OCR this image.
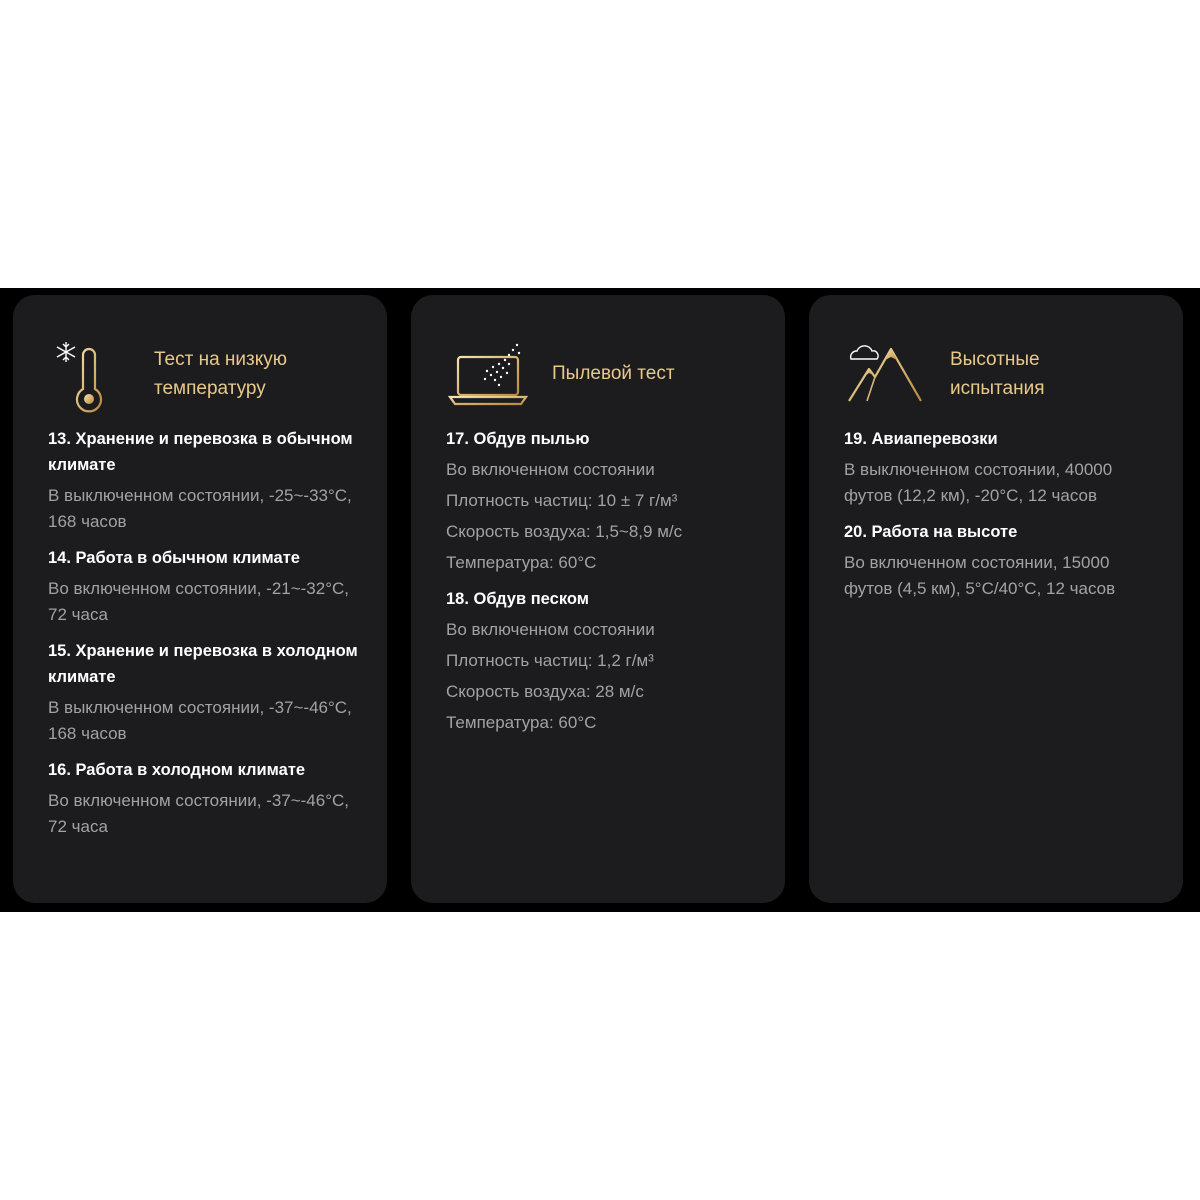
Тест на низкую
температуру

13. Хранение и перевозка в обычном климате

В выключенном состоянии, -25~-33°C, 168 часов

14. Работа в обычном климате

Во включенном состоянии, -21~-32°C, 72 часа

15. Хранение и перевозка в холодном климате

В выключенном состоянии, -37~-46°C, 168 часов

16. Работа в холодном климате

Во включенном состоянии, -37~-46°C, 72 часа

Пылевой тест

17. Обдув пылью

Во включенном состоянии

Плотность частиц: 10 ± 7 г/м³

Скорость воздуха: 1,5~8,9 м/с

Температура: 60°C

18. Обдув песком

Во включенном состоянии

Плотность частиц: 1,2 г/м³

Скорость воздуха: 28 м/с

Температура: 60°C

Высотные
испытания

19. Авиаперевозки

В выключенном состоянии, 40000 футов (12,2 км), -20°C, 12 часов

20. Работа на высоте

Во включенном состоянии, 15000 футов (4,5 км), 5°C/40°C, 12 часов
